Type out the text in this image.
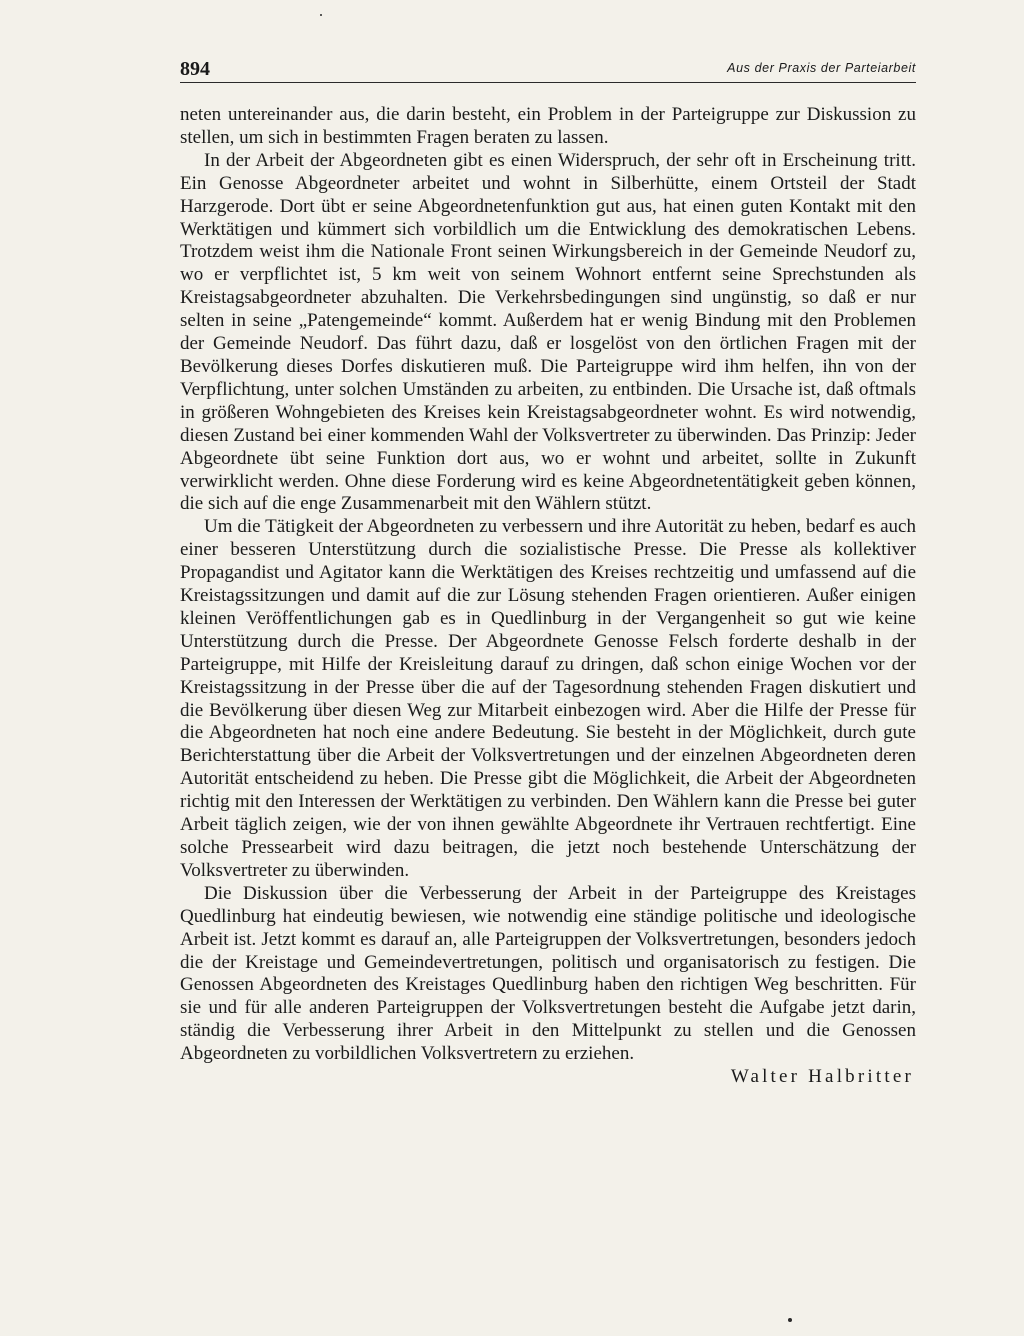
894	Aus der Praxis der Parteiarbeit

neten untereinander aus, die darin besteht, ein Problem in der Parteigruppe zur Diskussion zu stellen, um sich in bestimmten Fragen beraten zu lassen.

In der Arbeit der Abgeordneten gibt es einen Widerspruch, der sehr oft in Erscheinung tritt. Ein Genosse Abgeordneter arbeitet und wohnt in Silberhütte, einem Ortsteil der Stadt Harzgerode. Dort übt er seine Abgeordnetenfunktion gut aus, hat einen guten Kontakt mit den Werktätigen und kümmert sich vorbildlich um die Entwicklung des demokratischen Lebens. Trotzdem weist ihm die Nationale Front seinen Wirkungsbereich in der Gemeinde Neudorf zu, wo er verpflichtet ist, 5 km weit von seinem Wohnort entfernt seine Sprechstunden als Kreistagsabgeordneter abzuhalten. Die Verkehrsbedingungen sind ungünstig, so daß er nur selten in seine „Patengemeinde“ kommt. Außerdem hat er wenig Bindung mit den Problemen der Gemeinde Neudorf. Das führt dazu, daß er losgelöst von den örtlichen Fragen mit der Bevölkerung dieses Dorfes diskutieren muß. Die Parteigruppe wird ihm helfen, ihn von der Verpflichtung, unter solchen Umständen zu arbeiten, zu entbinden. Die Ursache ist, daß oftmals in größeren Wohngebieten des Kreises kein Kreistagsabgeordneter wohnt. Es wird notwendig, diesen Zustand bei einer kommenden Wahl der Volksvertreter zu überwinden. Das Prinzip: Jeder Abgeordnete übt seine Funktion dort aus, wo er wohnt und arbeitet, sollte in Zukunft verwirklicht werden. Ohne diese Forderung wird es keine Abgeordnetentätigkeit geben können, die sich auf die enge Zusammenarbeit mit den Wählern stützt.

Um die Tätigkeit der Abgeordneten zu verbessern und ihre Autorität zu heben, bedarf es auch einer besseren Unterstützung durch die sozialistische Presse. Die Presse als kollektiver Propagandist und Agitator kann die Werktätigen des Kreises rechtzeitig und umfassend auf die Kreistagssitzungen und damit auf die zur Lösung stehenden Fragen orientieren. Außer einigen kleinen Veröffentlichungen gab es in Quedlinburg in der Vergangenheit so gut wie keine Unterstützung durch die Presse. Der Abgeordnete Genosse Felsch forderte deshalb in der Parteigruppe, mit Hilfe der Kreisleitung darauf zu dringen, daß schon einige Wochen vor der Kreistagssitzung in der Presse über die auf der Tagesordnung stehenden Fragen diskutiert und die Bevölkerung über diesen Weg zur Mitarbeit einbezogen wird. Aber die Hilfe der Presse für die Abgeordneten hat noch eine andere Bedeutung. Sie besteht in der Möglichkeit, durch gute Berichterstattung über die Arbeit der Volksvertretungen und der einzelnen Abgeordneten deren Autorität entscheidend zu heben. Die Presse gibt die Möglichkeit, die Arbeit der Abgeordneten richtig mit den Interessen der Werktätigen zu verbinden. Den Wählern kann die Presse bei guter Arbeit täglich zeigen, wie der von ihnen gewählte Abgeordnete ihr Vertrauen rechtfertigt. Eine solche Pressearbeit wird dazu beitragen, die jetzt noch bestehende Unterschätzung der Volksvertreter zu überwinden.

Die Diskussion über die Verbesserung der Arbeit in der Parteigruppe des Kreistages Quedlinburg hat eindeutig bewiesen, wie notwendig eine ständige politische und ideologische Arbeit ist. Jetzt kommt es darauf an, alle Parteigruppen der Volksvertretungen, besonders jedoch die der Kreistage und Gemeindevertretungen, politisch und organisatorisch zu festigen. Die Genossen Abgeordneten des Kreistages Quedlinburg haben den richtigen Weg beschritten. Für sie und für alle anderen Parteigruppen der Volksvertretungen besteht die Aufgabe jetzt darin, ständig die Verbesserung ihrer Arbeit in den Mittelpunkt zu stellen und die Genossen Abgeordneten zu vorbildlichen Volksvertretern zu erziehen.

Walter Halbritter
